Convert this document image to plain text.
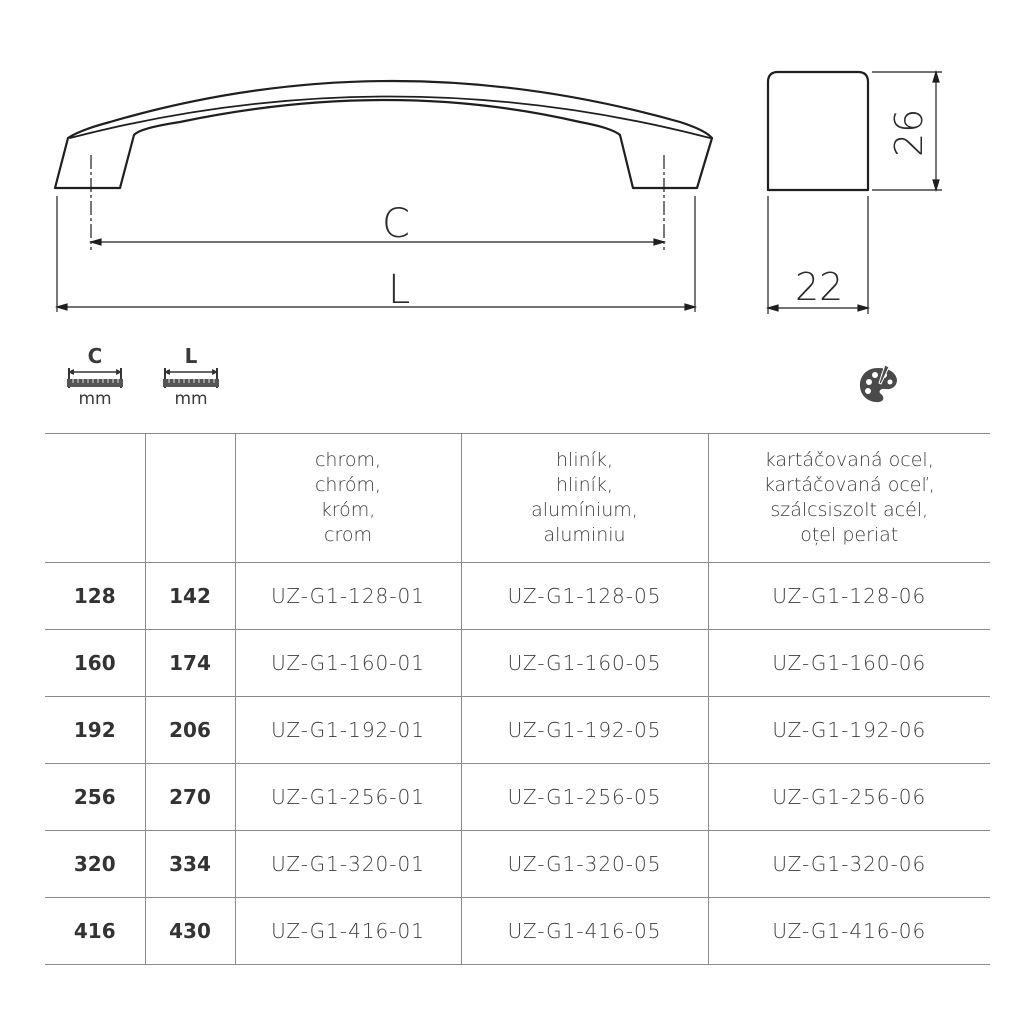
C
L
26
22
C
mm
L
mm

		chrom,
chróm,
króm,
crom	hliník,
hliník,
alumínium,
aluminiu	kartáčovaná ocel,
kartáčovaná oceľ,
szálcsiszolt acél,
oțel periat

128	142	UZ-G1-128-01	UZ-G1-128-05	UZ-G1-128-06
160	174	UZ-G1-160-01	UZ-G1-160-05	UZ-G1-160-06
192	206	UZ-G1-192-01	UZ-G1-192-05	UZ-G1-192-06
256	270	UZ-G1-256-01	UZ-G1-256-05	UZ-G1-256-06
320	334	UZ-G1-320-01	UZ-G1-320-05	UZ-G1-320-06
416	430	UZ-G1-416-01	UZ-G1-416-05	UZ-G1-416-06
